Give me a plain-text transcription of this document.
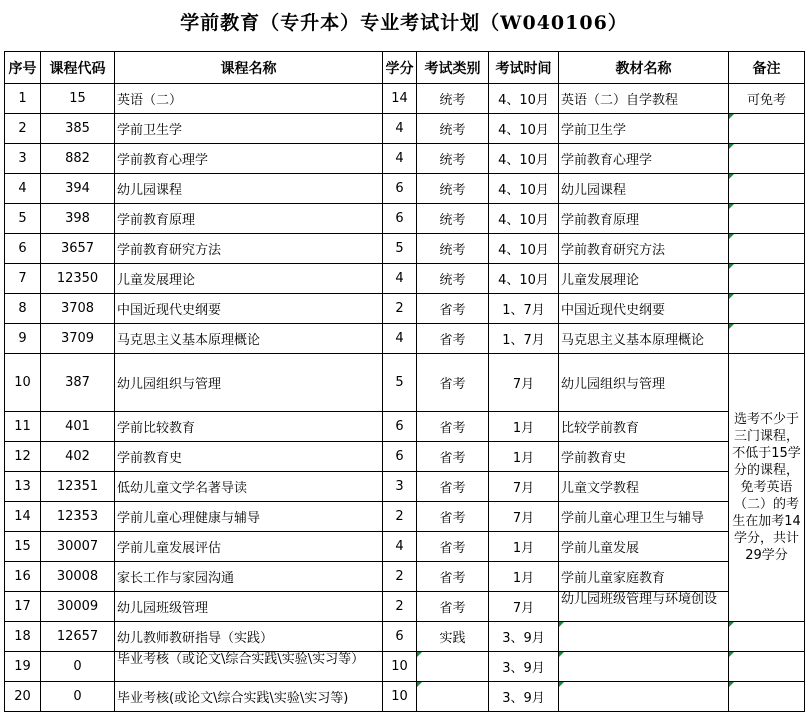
学前教育（专升本）专业考试计划（W040106）
序号	课程代码	课程名称	学分	考试类别	考试时间	教材名称	备注
1	15	英语（二）	14	统考	4、10月	英语（二）自学教程	可免考
2	385	学前卫生学	4	统考	4、10月	学前卫生学	
3	882	学前教育心理学	4	统考	4、10月	学前教育心理学	
4	394	幼儿园课程	6	统考	4、10月	幼儿园课程	
5	398	学前教育原理	6	统考	4、10月	学前教育原理	
6	3657	学前教育研究方法	5	统考	4、10月	学前教育研究方法	
7	12350	儿童发展理论	4	统考	4、10月	儿童发展理论	
8	3708	中国近现代史纲要	2	省考	1、7月	中国近现代史纲要	
9	3709	马克思主义基本原理概论	4	省考	1、7月	马克思主义基本原理概论	
10	387	幼儿园组织与管理	5	省考	7月	幼儿园组织与管理	选考不少于三门课程，不低于15学分的课程，免考英语（二）的考生在加考14学分，共计29学分
11	401	学前比较教育	6	省考	1月	比较学前教育	
12	402	学前教育史	6	省考	1月	学前教育史	
13	12351	低幼儿童文学名著导读	3	省考	7月	儿童文学教程	
14	12353	学前儿童心理健康与辅导	2	省考	7月	学前儿童心理卫生与辅导	
15	30007	学前儿童发展评估	4	省考	1月	学前儿童发展	
16	30008	家长工作与家园沟通	2	省考	1月	学前儿童家庭教育	
17	30009	幼儿园班级管理	2	省考	7月	幼儿园班级管理与环境创设	

18	12657	幼儿教师教研指导（实践）	6	实践	3、9月		
19	0	毕业考核（或论文\综合实践\实验\实习等）	10		3、9月		
20	0	毕业考核(或论文\综合实践\实验\实习等)	10		3、9月		
